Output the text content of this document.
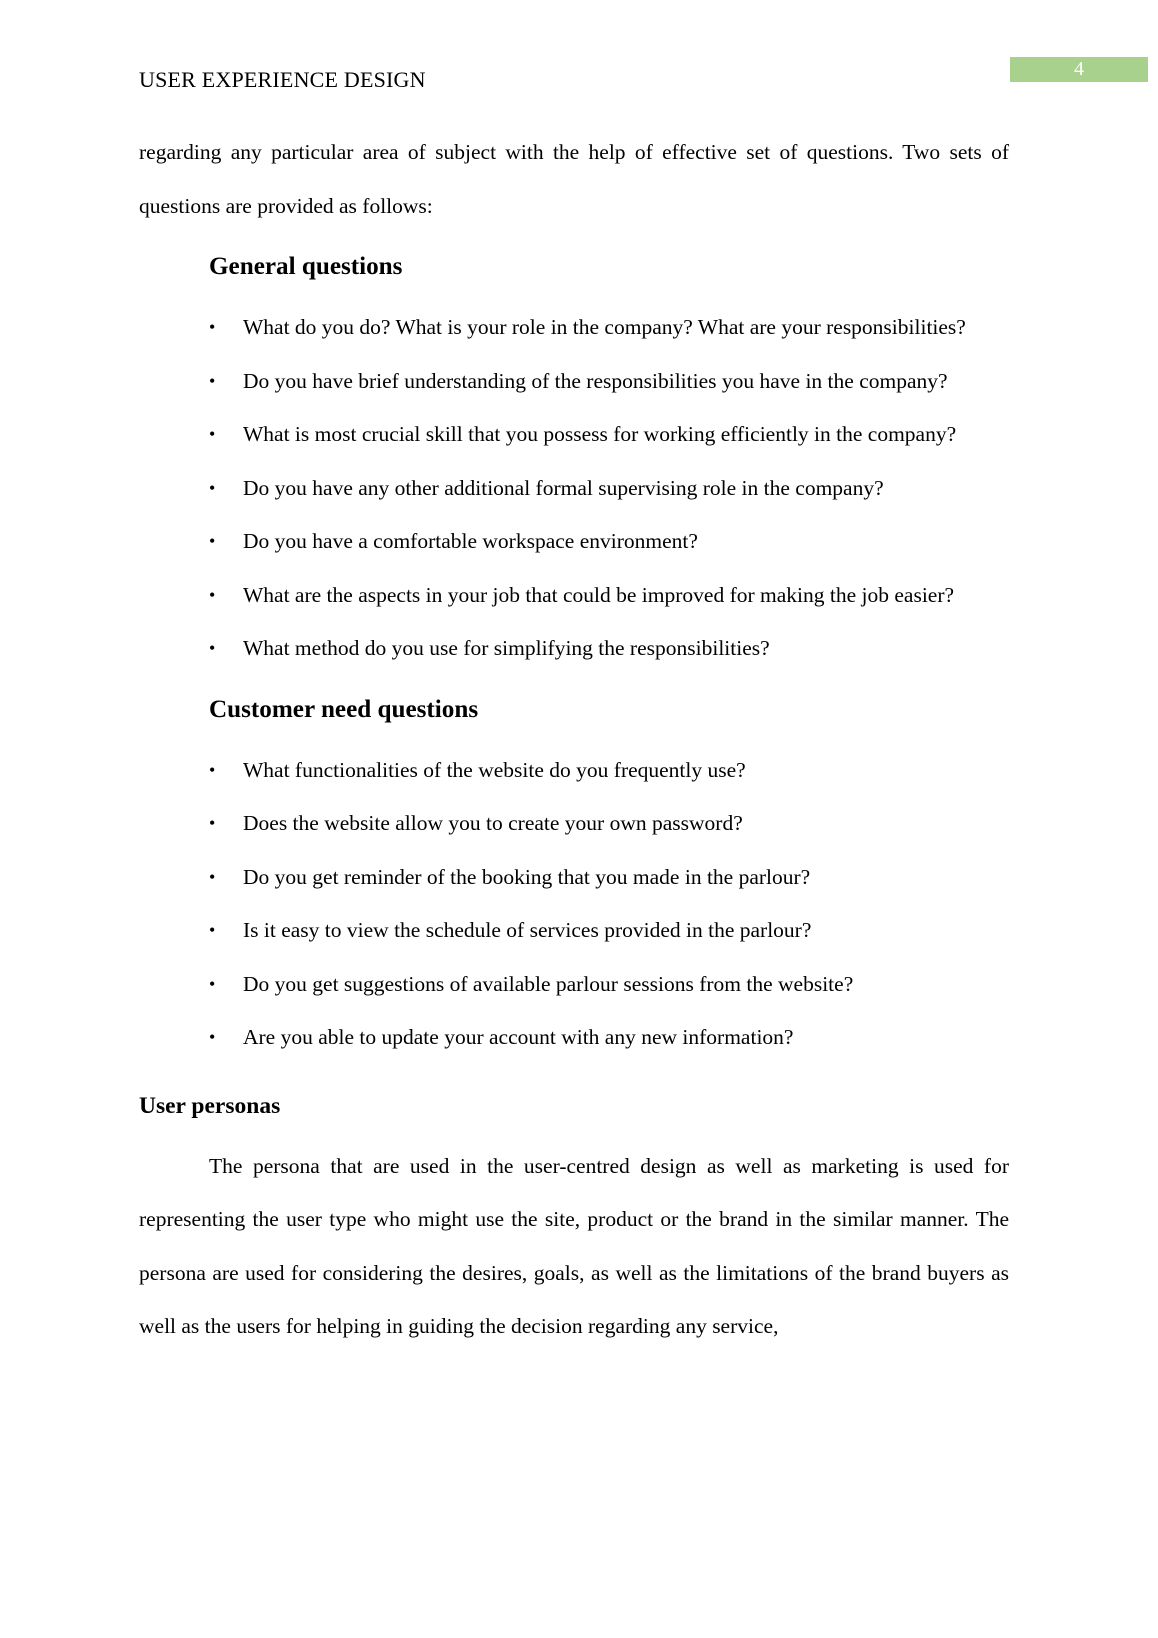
4
USER EXPERIENCE DESIGN

regarding any particular area of subject with the help of effective set of questions. Two sets of questions are provided as follows:

General questions
• What do you do? What is your role in the company? What are your responsibilities?
• Do you have brief understanding of the responsibilities you have in the company?
• What is most crucial skill that you possess for working efficiently in the company?
• Do you have any other additional formal supervising role in the company?
• Do you have a comfortable workspace environment?
• What are the aspects in your job that could be improved for making the job easier?
• What method do you use for simplifying the responsibilities?
Customer need questions
• What functionalities of the website do you frequently use?
• Does the website allow you to create your own password?
• Do you get reminder of the booking that you made in the parlour?
• Is it easy to view the schedule of services provided in the parlour?
• Do you get suggestions of available parlour sessions from the website?
• Are you able to update your account with any new information?
User personas

The persona that are used in the user-centred design as well as marketing is used for representing the user type who might use the site, product or the brand in the similar manner. The persona are used for considering the desires, goals, as well as the limitations of the brand buyers as well as the users for helping in guiding the decision regarding any service,
